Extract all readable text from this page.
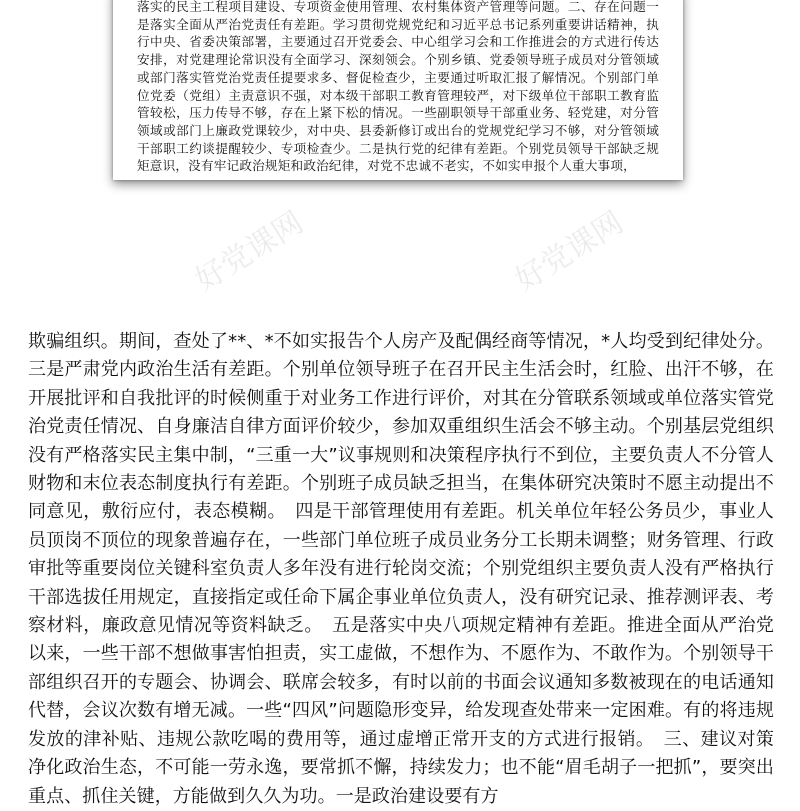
落实的民主工程项目建设、专项资金使用管理、农村集体资产管理等问题。二、存在问题一是落实全面从严治党责任有差距。学习贯彻党规党纪和习近平总书记系列重要讲话精神，执行中央、省委决策部署，主要通过召开党委会、中心组学习会和工作推进会的方式进行传达安排，对党建理论常识没有全面学习、深刻领会。个别乡镇、党委领导班子成员对分管领域或部门落实管党治党责任提要求多、督促检查少，主要通过听取汇报了解情况。个别部门单位党委（党组）主责意识不强，对本级干部职工教育管理较严，对下级单位干部职工教育监管较松，压力传导不够，存在上紧下松的情况。一些副职领导干部重业务、轻党建，对分管领域或部门上廉政党课较少，对中央、县委新修订或出台的党规党纪学习不够，对分管领域干部职工约谈提醒较少、专项检查少。二是执行党的纪律有差距。个别党员领导干部缺乏规矩意识，没有牢记政治规矩和政治纪律，对党不忠诚不老实，不如实申报个人重大事项，
好党课网	好党课网
欺骗组织。期间，查处了**、*不如实报告个人房产及配偶经商等情况，*人均受到纪律处分。三是严肃党内政治生活有差距。个别单位领导班子在召开民主生活会时，红脸、出汗不够，在开展批评和自我批评的时候侧重于对业务工作进行评价，对其在分管联系领域或单位落实管党治党责任情况、自身廉洁自律方面评价较少，参加双重组织生活会不够主动。个别基层党组织没有严格落实民主集中制，“三重一大”议事规则和决策程序执行不到位，主要负责人不分管人财物和末位表态制度执行有差距。个别班子成员缺乏担当，在集体研究决策时不愿主动提出不同意见，敷衍应付，表态模糊。　四是干部管理使用有差距。机关单位年轻公务员少，事业人员顶岗不顶位的现象普遍存在，一些部门单位班子成员业务分工长期未调整；财务管理、行政审批等重要岗位关键科室负责人多年没有进行轮岗交流；个别党组织主要负责人没有严格执行干部选拔任用规定，直接指定或任命下属企事业单位负责人，没有研究记录、推荐测评表、考察材料，廉政意见情况等资料缺乏。　五是落实中央八项规定精神有差距。推进全面从严治党以来，一些干部不想做事害怕担责，实工虚做，不想作为、不愿作为、不敢作为。个别领导干部组织召开的专题会、协调会、联席会较多，有时以前的书面会议通知多数被现在的电话通知代替，会议次数有增无减。一些“四风”问题隐形变异，给发现查处带来一定困难。有的将违规发放的津补贴、违规公款吃喝的费用等，通过虚增正常开支的方式进行报销。　三、建议对策 净化政治生态，不可能一劳永逸，要常抓不懈，持续发力；也不能“眉毛胡子一把抓”，要突出重点、抓住关键，方能做到久久为功。一是政治建设要有方
